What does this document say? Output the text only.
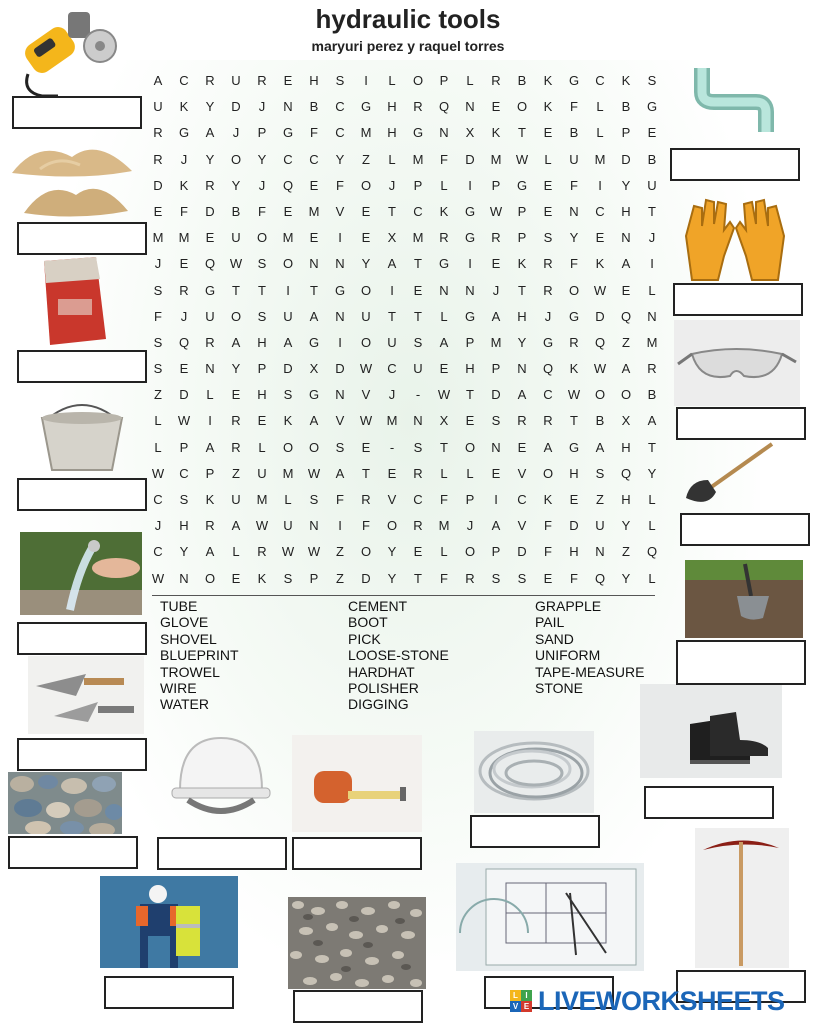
hydraulic tools
maryuri perez y raquel torres
A	C	R	U	R	E	H	S	I	L	O	P	L	R	B	K	G	C	K	S
U	K	Y	D	J	N	B	C	G	H	R	Q	N	E	O	K	F	L	B	G
R	G	A	J	P	G	F	C	M	H	G	N	X	K	T	E	B	L	P	E
R	J	Y	O	Y	C	C	Y	Z	L	M	F	D	M	W	L	U	M	D	B
D	K	R	Y	J	Q	E	F	O	J	P	L	I	P	G	E	F	I	Y	U
E	F	D	B	F	E	M	V	E	T	C	K	G	W	P	E	N	C	H	T
M	M	E	U	O	M	E	I	E	X	M	R	G	R	P	S	Y	E	N	J
J	E	Q	W	S	O	N	N	Y	A	T	G	I	E	K	R	F	K	A	I
S	R	G	T	T	I	T	G	O	I	E	N	N	J	T	R	O	W	E	L
F	J	U	O	S	U	A	N	U	T	T	L	G	A	H	J	G	D	Q	N
S	Q	R	A	H	A	G	I	O	U	S	A	P	M	Y	G	R	Q	Z	M
S	E	N	Y	P	D	X	D	W	C	U	E	H	P	N	Q	K	W	A	R
Z	D	L	E	H	S	G	N	V	J	-	W	T	D	A	C	W	O	O	B
L	W	I	R	E	K	A	V	W	M	N	X	E	S	R	R	T	B	X	A
L	P	A	R	L	O	O	S	E	-	S	T	O	N	E	A	G	A	H	T
W	C	P	Z	U	M	W	A	T	E	R	L	L	E	V	O	H	S	Q	Y
C	S	K	U	M	L	S	F	R	V	C	F	P	I	C	K	E	Z	H	L
J	H	R	A	W	U	N	I	F	O	R	M	J	A	V	F	D	U	Y	L
C	Y	A	L	R	W	W	Z	O	Y	E	L	O	P	D	F	H	N	Z	Q
W	N	O	E	K	S	P	Z	D	Y	T	F	R	S	S	E	F	Q	Y	L
TUBE
GLOVE
SHOVEL
BLUEPRINT
TROWEL
WIRE
WATER
CEMENT
BOOT
PICK
LOOSE-STONE
HARDHAT
POLISHER
DIGGING
GRAPPLE
PAIL
SAND
UNIFORM
TAPE-MEASURE
STONE
L I
V E LIVEWORKSHEETS
